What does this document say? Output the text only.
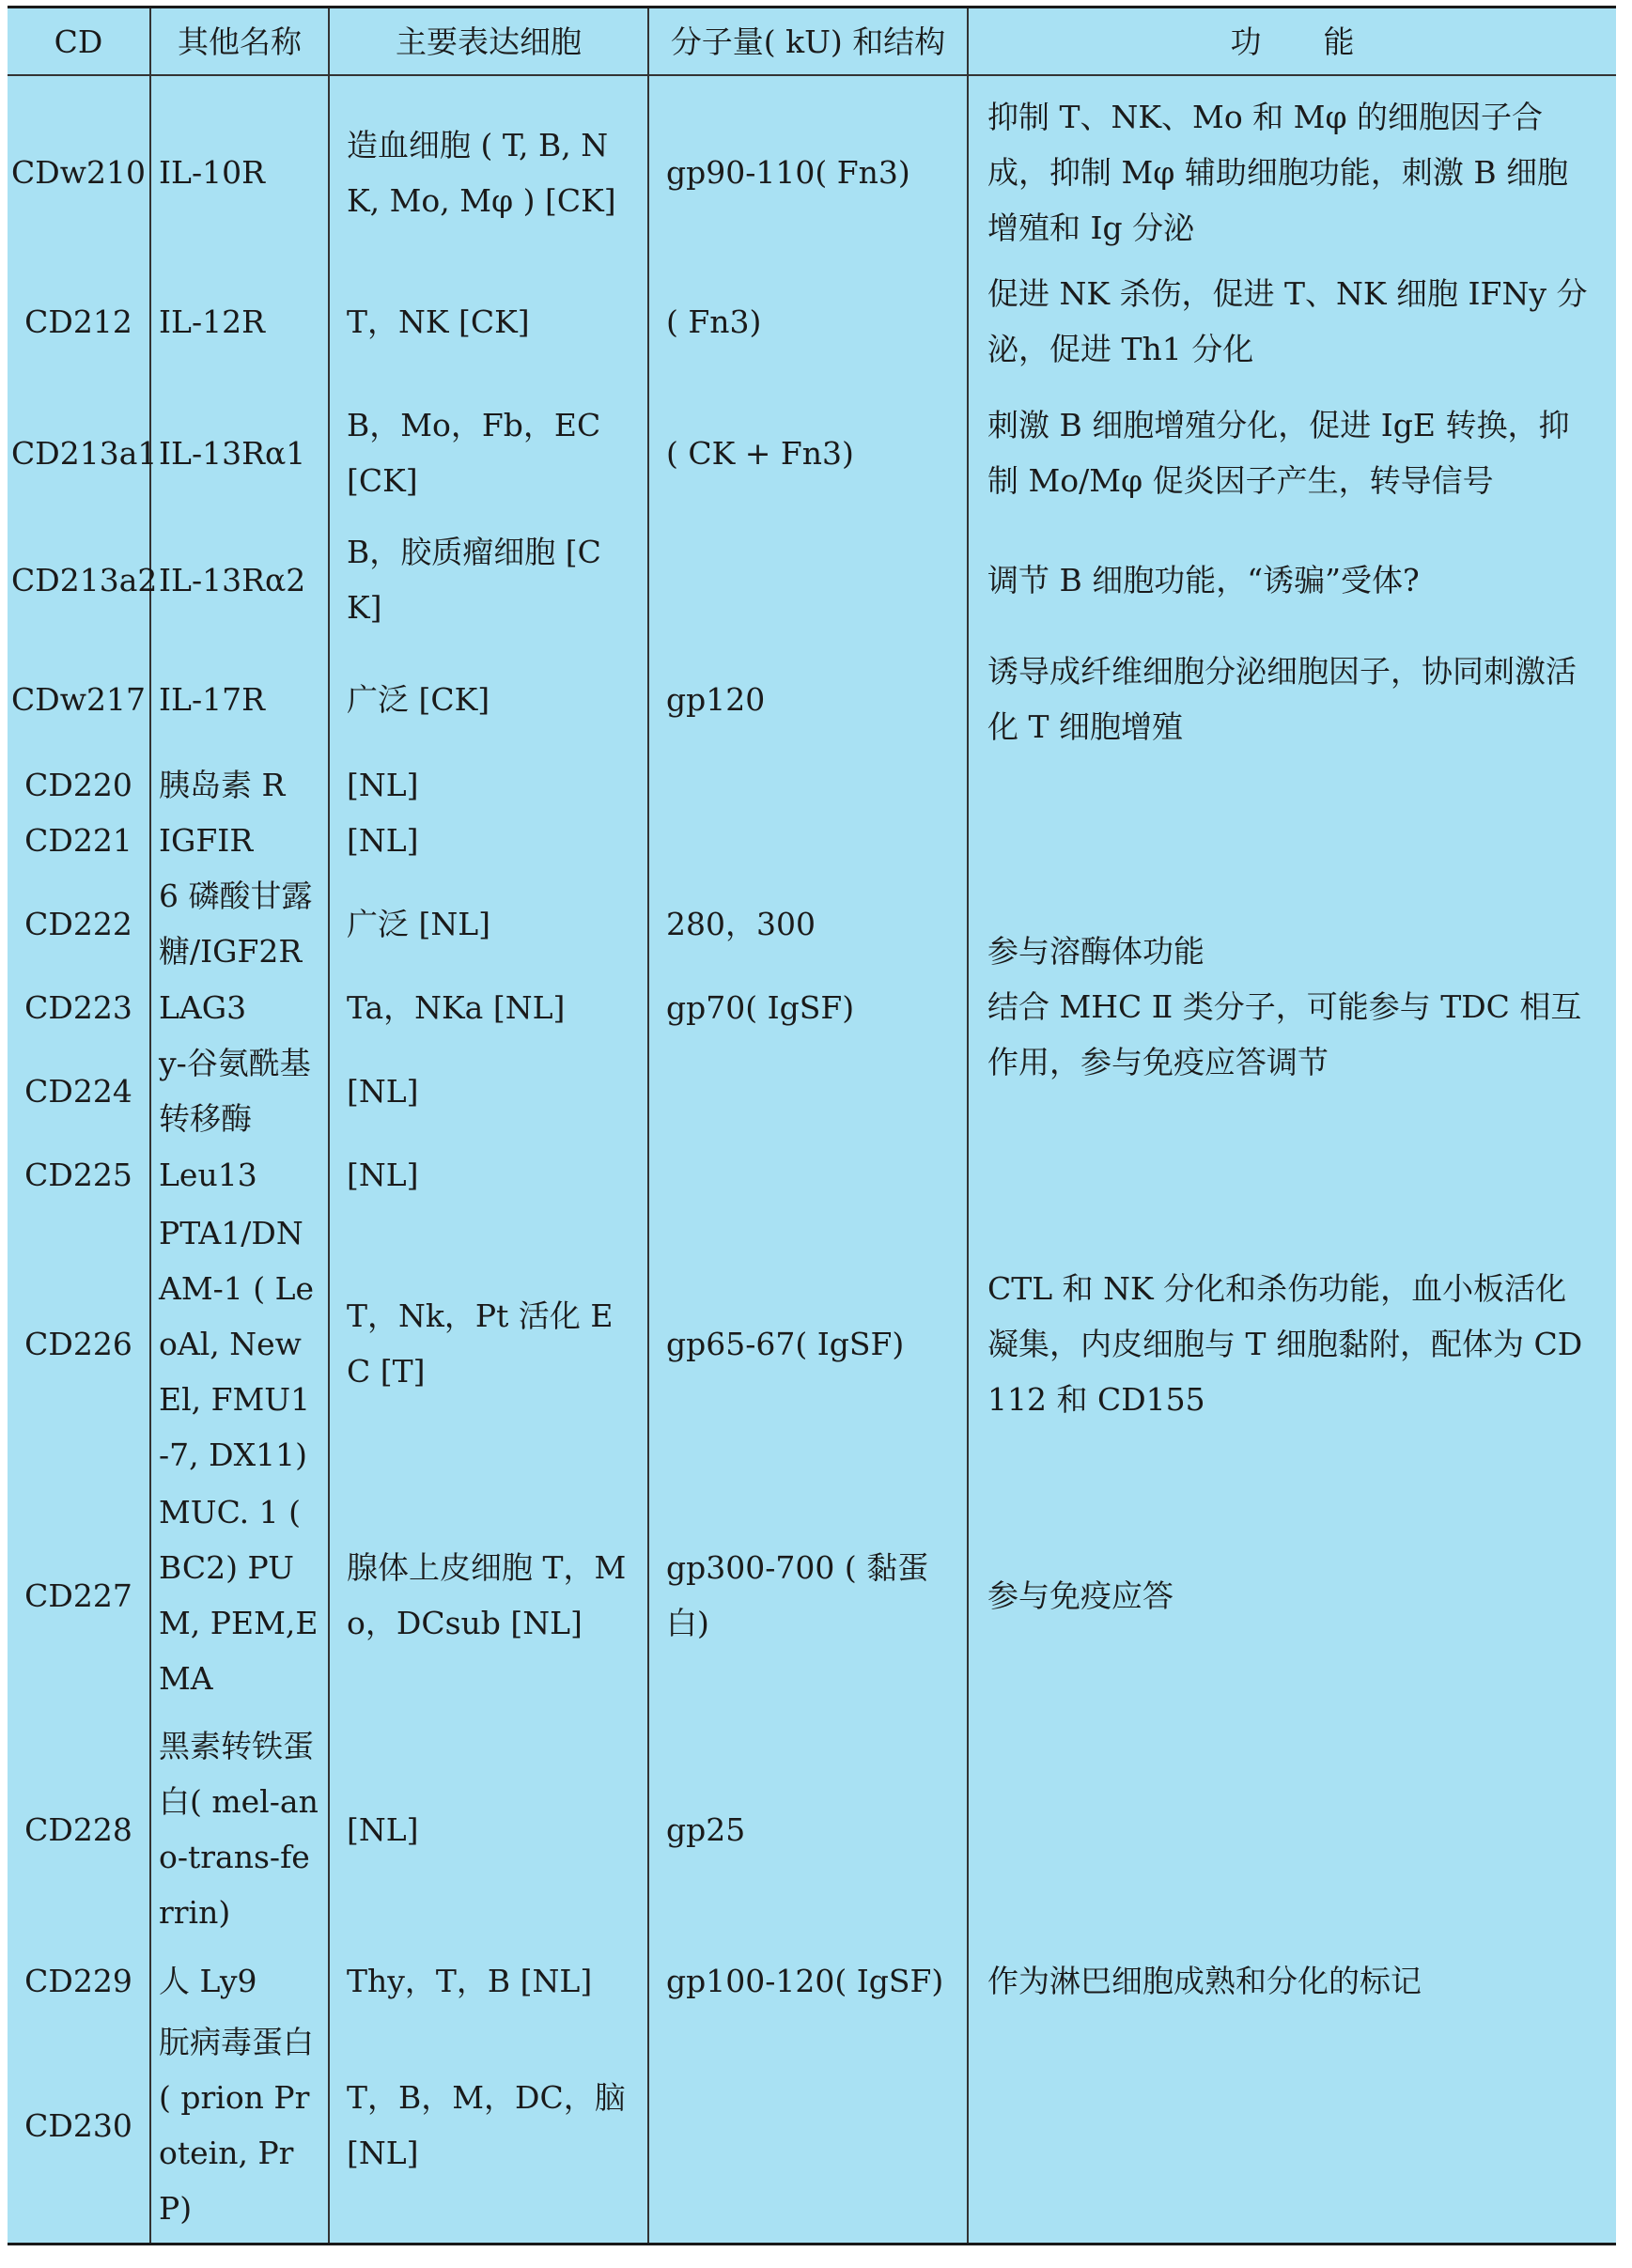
CD	其他名称	主要表达细胞	分子量( kU) 和结构	功　　能

CDw210	IL-10R	造血细胞 ( T, B, NK, Mo, Mφ ) [CK]	gp90-110( Fn3)	抑制 T、NK、Mo 和 Mφ 的细胞因子合成，抑制 Mφ 辅助细胞功能，刺激 B 细胞增殖和 Ig 分泌
CD212	IL-12R	T，NK [CK]	( Fn3)	促进 NK 杀伤，促进 T、NK 细胞 IFNy 分泌，促进 Th1 分化
CD213a1	IL-13Rα1	B，Mo，Fb，EC [CK]	( CK + Fn3)	刺激 B 细胞增殖分化，促进 IgE 转换，抑制 Mo/Mφ 促炎因子产生，转导信号
CD213a2	IL-13Rα2	B，胶质瘤细胞 [CK]		调节 B 细胞功能，“诱骗”受体?
CDw217	IL-17R	广泛 [CK]	gp120	诱导成纤维细胞分泌细胞因子，协同刺激活化 T 细胞增殖
CD220	胰岛素 R	[NL]		
CD221	IGFIR	[NL]		
CD222	6 磷酸甘露糖/IGF2R	广泛 [NL]	280，300	参与溶酶体功能
CD223	LAG3	Ta，NKa [NL]	gp70( IgSF)	结合 MHC Ⅱ 类分子，可能参与 TDC 相互作用，参与免疫应答调节
CD224	y-谷氨酰基转移酶	[NL]		
CD225	Leu13	[NL]		
CD226	PTA1/DNAM-1 ( LeoAl, NewEl, FMU1-7, DX11)	T，Nk，Pt 活化 EC [T]	gp65-67( IgSF)	CTL 和 NK 分化和杀伤功能，血小板活化凝集，内皮细胞与 T 细胞黏附，配体为 CD112 和 CD155
CD227	MUC. 1 ( BC2) PUM, PEM,EMA	腺体上皮细胞 T，Mo，DCsub [NL]	gp300-700 ( 黏蛋白)	参与免疫应答
CD228	黑素转铁蛋白( mel-ano-trans-ferrin)	[NL]	gp25	
CD229	人 Ly9	Thy，T，B [NL]	gp100-120( IgSF)	作为淋巴细胞成熟和分化的标记
CD230	朊病毒蛋白( prion Protein, PrP)	T，B，M，DC，脑 [NL]		
